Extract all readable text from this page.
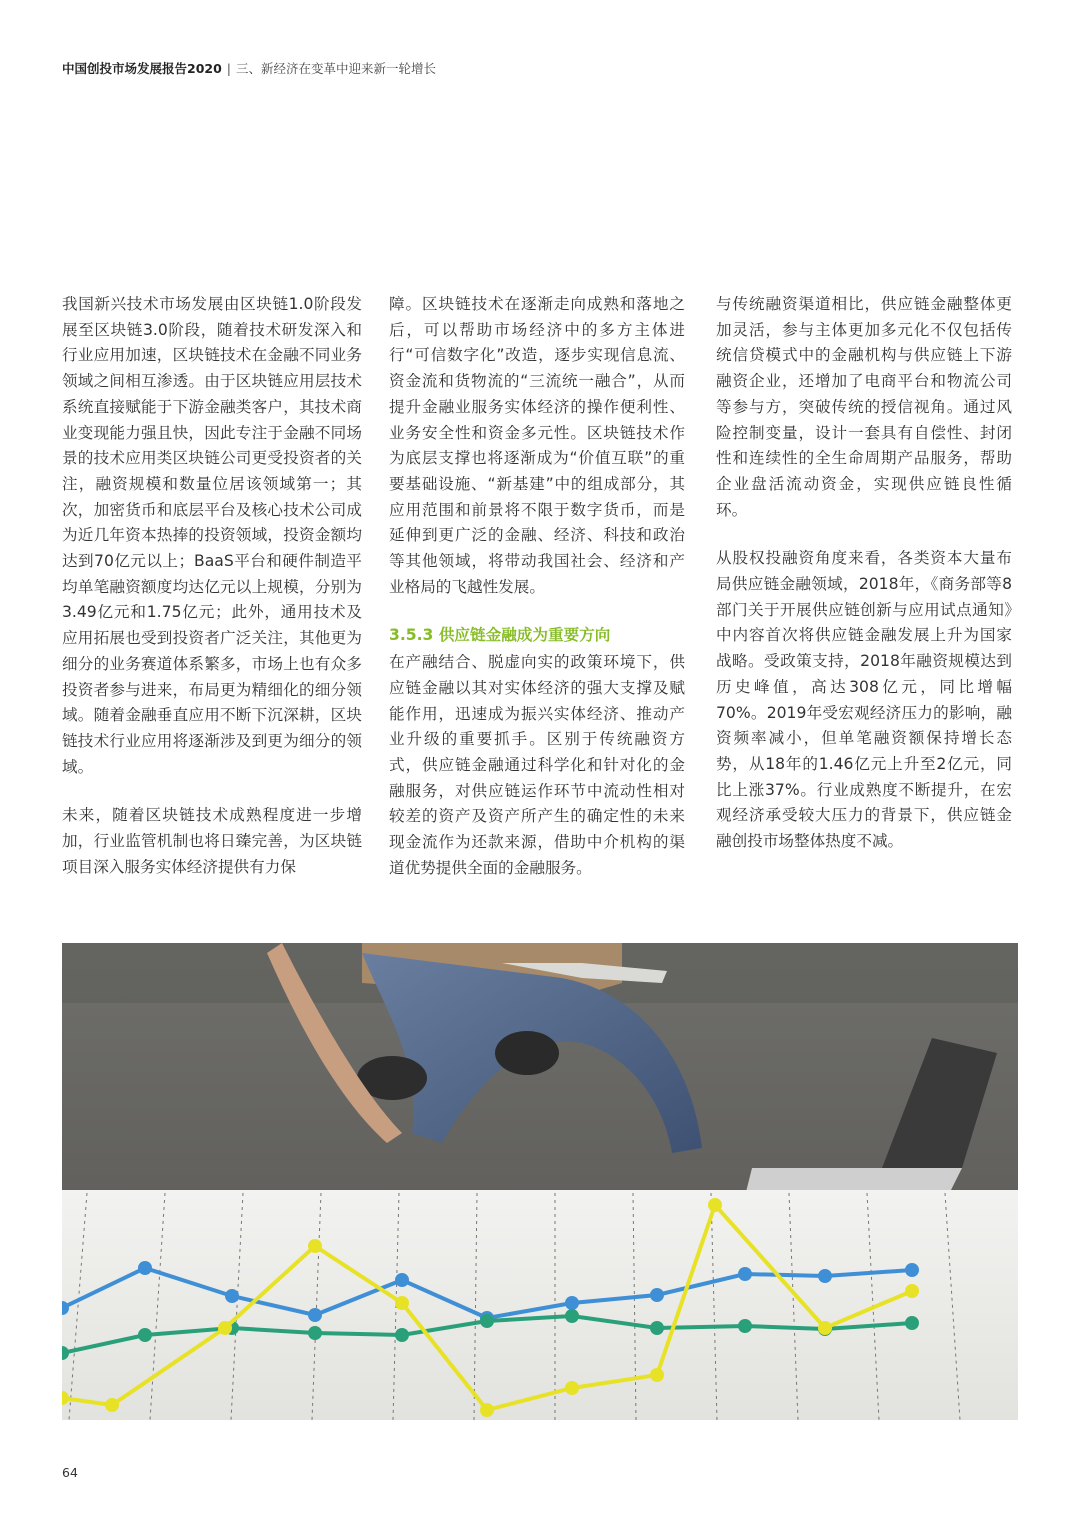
中国创投市场发展报告2020 | 三、新经济在变革中迎来新一轮增长

我国新兴技术市场发展由区块链1.0阶段发展至区块链3.0阶段，随着技术研发深入和行业应用加速，区块链技术在金融不同业务领域之间相互渗透。由于区块链应用层技术系统直接赋能于下游金融类客户，其技术商业变现能力强且快，因此专注于金融不同场景的技术应用类区块链公司更受投资者的关注，融资规模和数量位居该领域第一；其次，加密货币和底层平台及核心技术公司成为近几年资本热捧的投资领域，投资金额均达到70亿元以上；BaaS平台和硬件制造平均单笔融资额度均达亿元以上规模，分别为3.49亿元和1.75亿元；此外，通用技术及应用拓展也受到投资者广泛关注，其他更为细分的业务赛道体系繁多，市场上也有众多投资者参与进来，布局更为精细化的细分领域。随着金融垂直应用不断下沉深耕，区块链技术行业应用将逐渐涉及到更为细分的领域。

未来，随着区块链技术成熟程度进一步增加，行业监管机制也将日臻完善，为区块链项目深入服务实体经济提供有力保

障。区块链技术在逐渐走向成熟和落地之后，可以帮助市场经济中的多方主体进行“可信数字化”改造，逐步实现信息流、资金流和货物流的“三流统一融合”，从而提升金融业服务实体经济的操作便利性、业务安全性和资金多元性。区块链技术作为底层支撑也将逐渐成为“价值互联”的重要基础设施、“新基建”中的组成部分，其应用范围和前景将不限于数字货币，而是延伸到更广泛的金融、经济、科技和政治等其他领域，将带动我国社会、经济和产业格局的飞越性发展。

3.5.3 供应链金融成为重要方向

在产融结合、脱虚向实的政策环境下，供应链金融以其对实体经济的强大支撑及赋能作用，迅速成为振兴实体经济、推动产业升级的重要抓手。区别于传统融资方式，供应链金融通过科学化和针对化的金融服务，对供应链运作环节中流动性相对较差的资产及资产所产生的确定性的未来现金流作为还款来源，借助中介机构的渠道优势提供全面的金融服务。

与传统融资渠道相比，供应链金融整体更加灵活，参与主体更加多元化不仅包括传统信贷模式中的金融机构与供应链上下游融资企业，还增加了电商平台和物流公司等参与方，突破传统的授信视角。通过风险控制变量，设计一套具有自偿性、封闭性和连续性的全生命周期产品服务，帮助企业盘活流动资金，实现供应链良性循环。

从股权投融资角度来看，各类资本大量布局供应链金融领域，2018年，《商务部等8部门关于开展供应链创新与应用试点通知》中内容首次将供应链金融发展上升为国家战略。受政策支持，2018年融资规模达到历史峰值，高达308亿元，同比增幅70%。2019年受宏观经济压力的影响，融资频率减小，但单笔融资额保持增长态势，从18年的1.46亿元上升至2亿元，同比上涨37%。行业成熟度不断提升，在宏观经济承受较大压力的背景下，供应链金融创投市场整体热度不减。

64
